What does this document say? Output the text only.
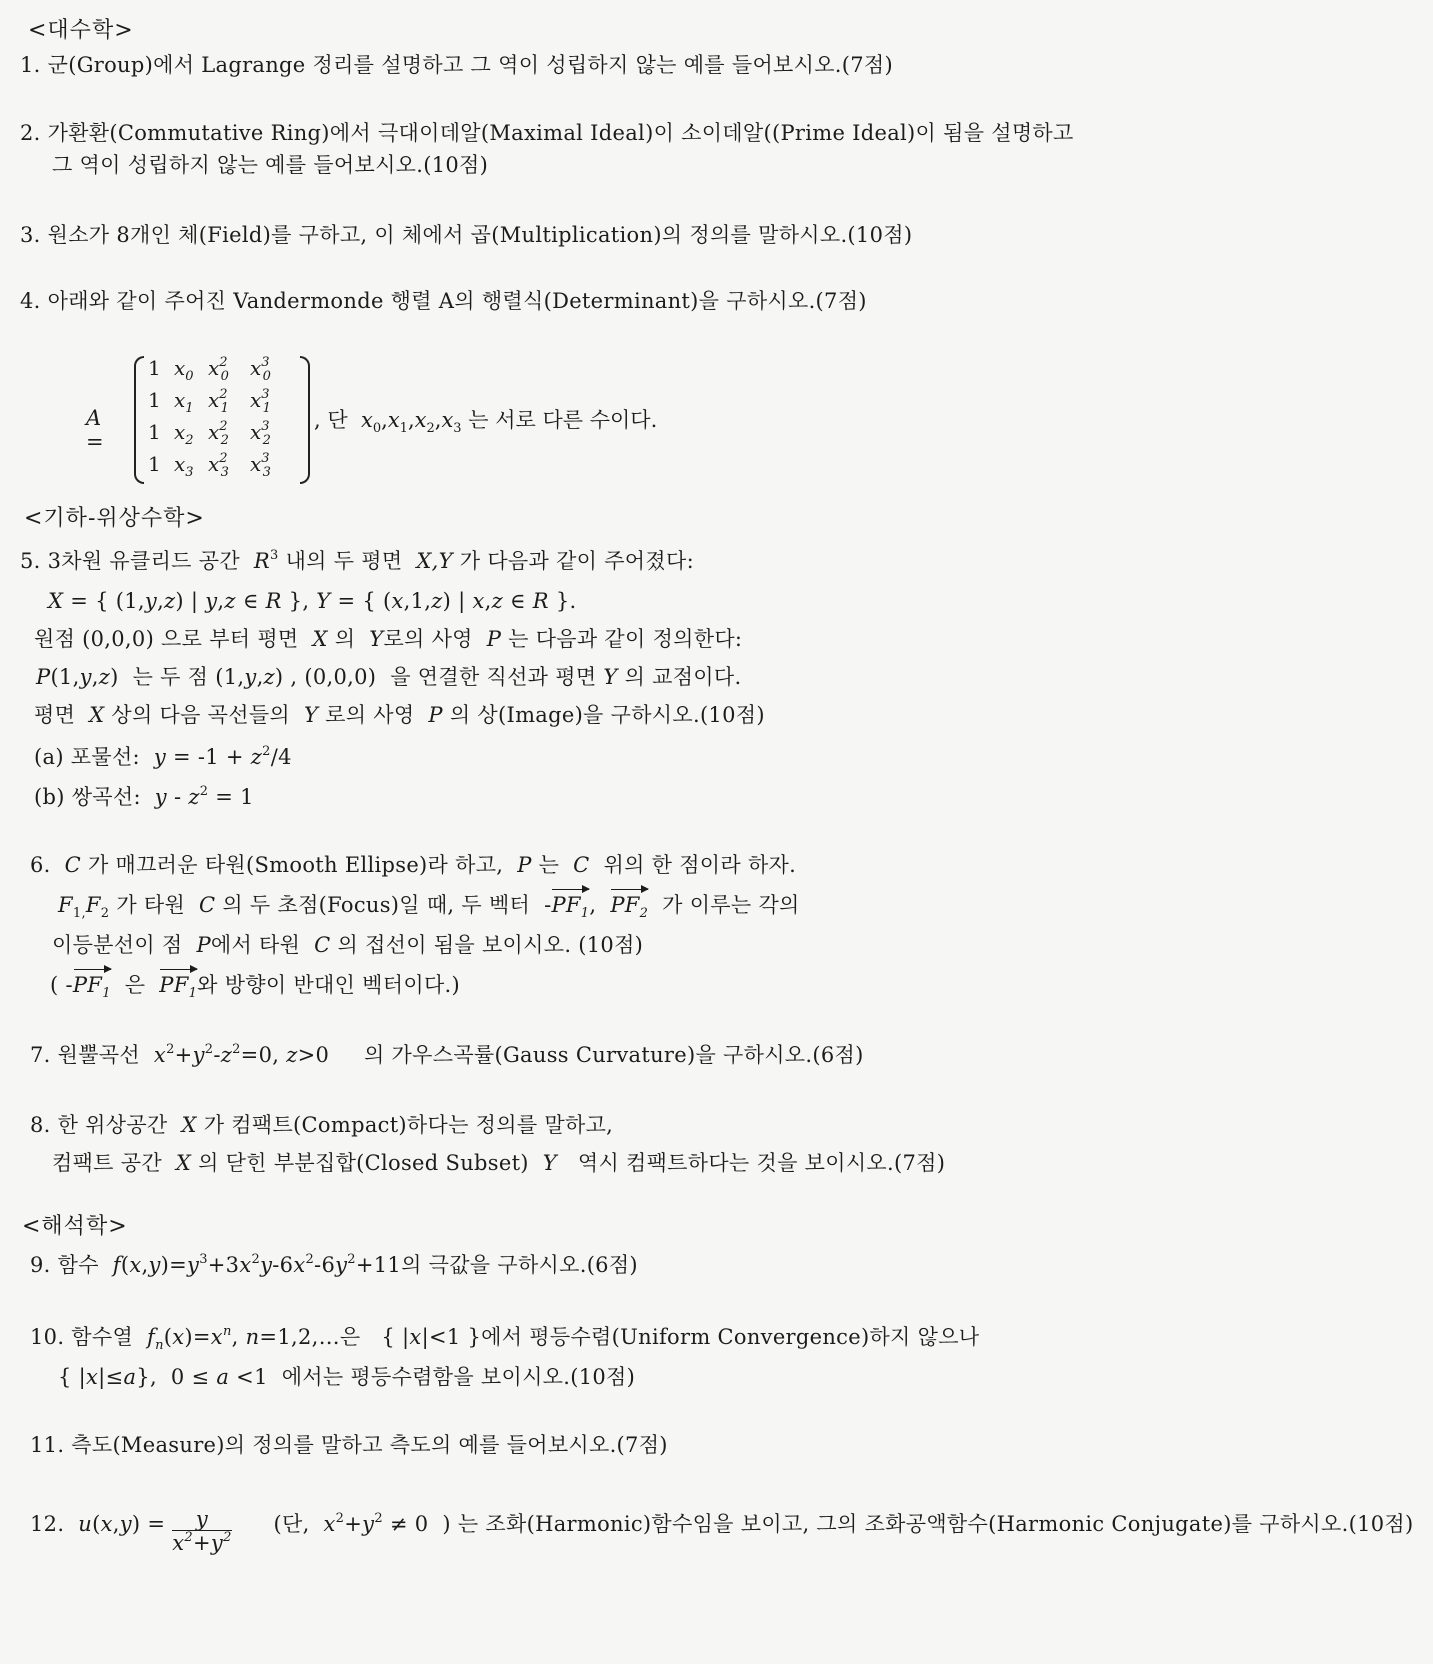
<대수학>
1. 군(Group)에서 Lagrange 정리를 설명하고 그 역이 성립하지 않는 예를 들어보시오.(7점)
2. 가환환(Commutative Ring)에서 극대이데알(Maximal Ideal)이 소이데알((Prime Ideal)이 됨을 설명하고
그 역이 성립하지 않는 예를 들어보시오.(10점)
3. 원소가 8개인 체(Field)를 구하고, 이 체에서 곱(Multiplication)의 정의를 말하시오.(10점)
4. 아래와 같이 주어진 Vandermonde 행렬 A의 행렬식(Determinant)을 구하시오.(7점)
A =
1 $x_0$ $x^2_0$	$x^3_0$
1 $x_1$ $x^2_1$	$x^3_1$
1 $x_2$ $x^2_2$	$x^3_2$
1 $x_3$ $x^2_3$	$x^3_3$
, 단 $x_0,x_1,x_2,x_3$ 는 서로 다른 수이다.
<기하-위상수학>
5. 3차원 유클리드 공간 $R^3$ 내의 두 평면 X,Y 가 다음과 같이 주어졌다:
X = { (1,y,z) | y,z ∈ R }, Y = { (x,1,z) | x,z ∈ R }.
원점 (0,0,0) 으로 부터 평면 X 의 Y로의 사영 P 는 다음과 같이 정의한다:
P(1,y,z)  는 두 점 (1,y,z) , (0,0,0)  을 연결한 직선과 평면 Y 의 교점이다.
평면 X 상의 다음 곡선들의 Y 로의 사영 P 의 상(Image)을 구하시오.(10점)
(a) 포물선: $y = -1 + z^2/4$
(b) 쌍곡선: $y - z^2 = 1$
6. C 가 매끄러운 타원(Smooth Ellipse)라 하고, P 는 C 위의 한 점이라 하자.
$F_{1,}F_2$ 가 타원 C 의 두 초점(Focus)일 때, 두 벡터  $-PF_1$,  $PF_2$ 가 이루는 각의
이등분선이 점 P에서 타원 C 의 접선이 됨을 보이시오. (10점)
( $-PF_1$ 은 $PF_1$와 방향이 반대인 벡터이다.)
7. 원뿔곡선 $x^2+y^2-z^2=0$, z>0     의 가우스곡률(Gauss Curvature)을 구하시오.(6점)
8. 한 위상공간 X 가 컴팩트(Compact)하다는 정의를 말하고,
컴팩트 공간 X 의 닫힌 부분집합(Closed Subset) Y 역시 컴팩트하다는 것을 보이시오.(7점)
<해석학>
9. 함수 $f(x,y)=y^3+3x^2y-6x^2-6y^2+11$의 극값을 구하시오.(6점)
10. 함수열 $f_n(x)=x^n$, n=1,2,…은   { |x|<1 }에서 평등수렴(Uniform Convergence)하지 않으나
{ |x|≤a},  0 ≤ a <1  에서는 평등수렴함을 보이시오.(10점)
11. 측도(Measure)의 정의를 말하고 측도의 예를 들어보시오.(7점)
12. $u(x,y) = \frac{y}{x^2+y^2}$ (단, $x^2+y^2 \ne 0$  ) 는 조화(Harmonic)함수임을 보이고, 그의 조화공액함수(Harmonic Conjugate)를 구하시오.(10점)
